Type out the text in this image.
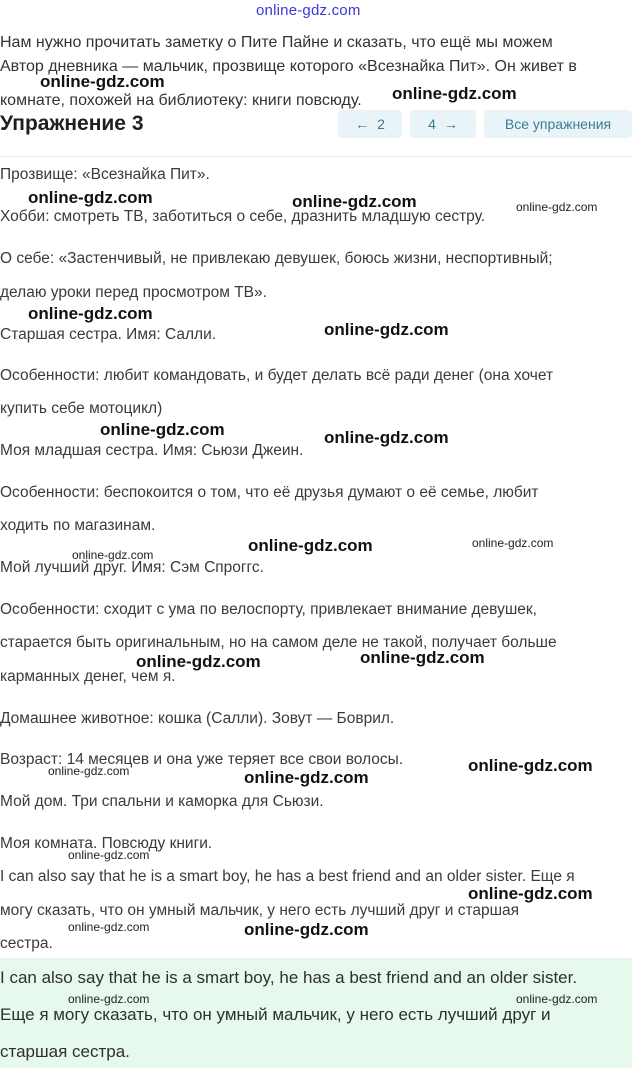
online-gdz.com
Нам нужно прочитать заметку о Пите Пайне и сказать, что ещё мы можем
Автор дневника — мальчик, прозвище которого «Всезнайка Пит». Он живет в
комнате, похожей на библиотеку: книги повсюду.
Упражнение 3	← 2	4 →	Все упражнения
Прозвище: «Всезнайка Пит».
Хобби: смотреть ТВ, заботиться о себе, дразнить младшую сестру.
О себе: «Застенчивый, не привлекаю девушек, боюсь жизни, неспортивный;
делаю уроки перед просмотром ТВ».
Старшая сестра. Имя: Салли.
Особенности: любит командовать, и будет делать всё ради денег (она хочет
купить себе мотоцикл)
Моя младшая сестра. Имя: Сьюзи Джеин.
Особенности: беспокоится о том, что её друзья думают о её семье, любит
ходить по магазинам.
Мой лучший друг. Имя: Сэм Спроггс.
Особенности: сходит с ума по велоспорту, привлекает внимание девушек,
старается быть оригинальным, но на самом деле не такой, получает больше
карманных денег, чем я.
Домашнее животное: кошка (Салли). Зовут — Боврил.
Возраст: 14 месяцев и она уже теряет все свои волосы.
Мой дом. Три спальни и каморка для Сьюзи.
Моя комната. Повсюду книги.
I can also say that he is a smart boy, he has a best friend and an older sister. Еще я
могу сказать, что он умный мальчик, у него есть лучший друг и старшая
сестра.
I can also say that he is a smart boy, he has a best friend and an older sister.
Еще я могу сказать, что он умный мальчик, у него есть лучший друг и
старшая сестра.
online-gdz.com
online-gdz.com
online-gdz.com	online-gdz.com
online-gdz.com
online-gdz.com
online-gdz.com	online-gdz.com
online-gdz.com
online-gdz.com	online-gdz.com
online-gdz.com
online-gdz.com
online-gdz.com
online-gdz.com
online-gdz.com
online-gdz.com
online-gdz.com
online-gdz.com
online-gdz.com
online-gdz.com
online-gdz.com	online-gdz.com
